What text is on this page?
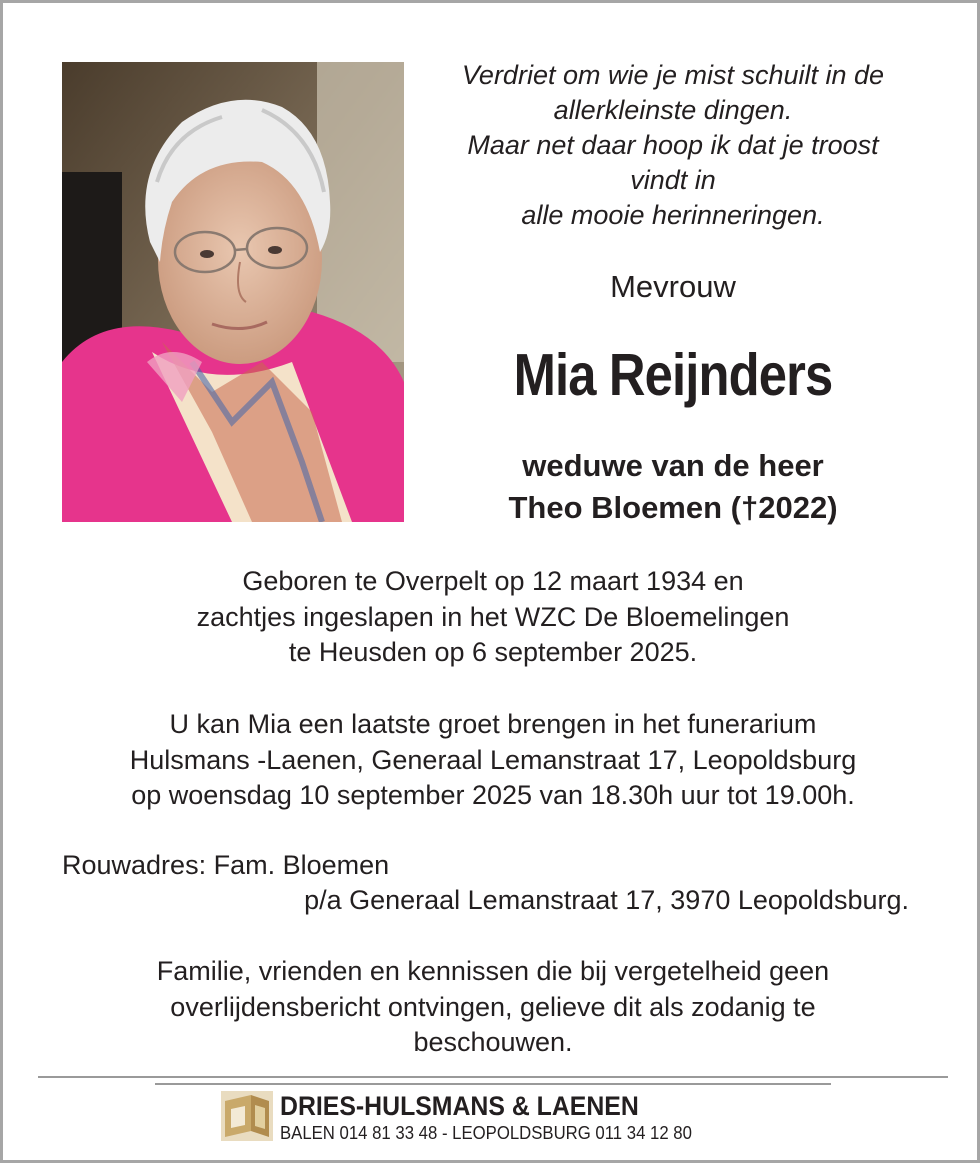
Verdriet om wie je mist schuilt in de
allerkleinste dingen.
Maar net daar hoop ik dat je troost
vindt in
alle mooie herinneringen.
Mevrouw
Mia Reijnders
weduwe van de heer
Theo Bloemen (†2022)
Geboren te Overpelt op 12 maart 1934 en
zachtjes ingeslapen in het WZC De Bloemelingen
te Heusden op 6 september 2025.
U kan Mia een laatste groet brengen in het funerarium
Hulsmans -Laenen, Generaal Lemanstraat 17, Leopoldsburg
op woensdag 10 september 2025 van 18.30h uur tot 19.00h.
Rouwadres: Fam. Bloemen
p/a Generaal Lemanstraat 17, 3970 Leopoldsburg.
Familie, vrienden en kennissen die bij vergetelheid geen
overlijdensbericht ontvingen, gelieve dit als zodanig te
beschouwen.
DRIES-HULSMANS & LAENEN
BALEN 014 81 33 48 - LEOPOLDSBURG 011 34 12 80
